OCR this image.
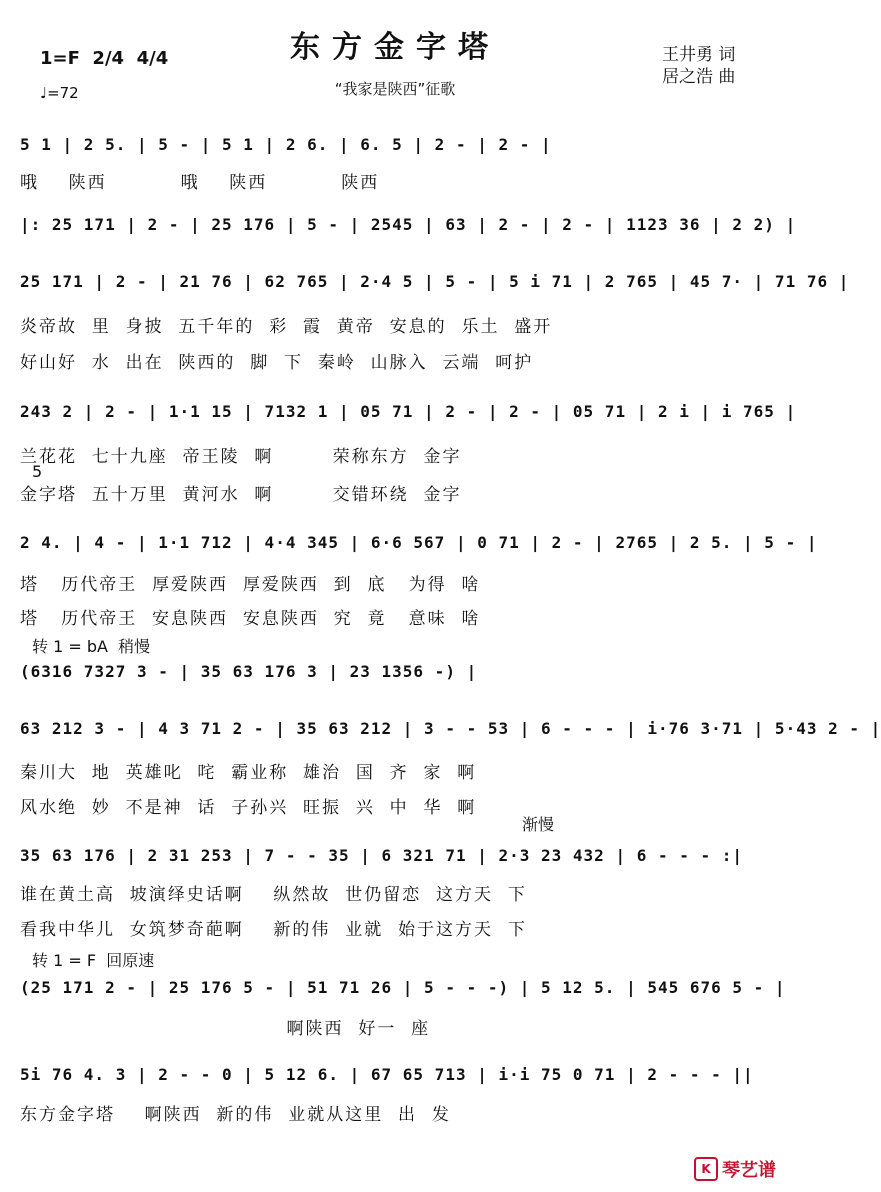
东方金字塔
“我家是陕西”征歌
1=F  2/4  4/4
♩=72
王井勇 词
居之浩 曲
5 1 | 2 5. | 5 - | 5 1 | 2 6. | 6. 5 | 2 - | 2 - |
哦    陕西          哦    陕西          陕西
|: 25 171 | 2 - | 25 176 | 5 - | 2545 | 63 | 2 - | 2 - | 1123 36 | 2 2) |
25 171 | 2 - | 21 76 | 62 765 | 2·4 5 | 5 - | 5 i 71 | 2 765 | 45 7· | 71 76 |
炎帝故  里  身披  五千年的  彩  霞  黄帝  安息的  乐土  盛开
好山好  水  出在  陕西的  脚  下  秦岭  山脉入  云端  呵护
243 2 | 2 - | 1·1 15 | 7132 1 | 05 71 | 2 - | 2 - | 05 71 | 2 i | i 765 |
兰花花  七十九座  帝王陵  啊        荣称东方  金字
5
金字塔  五十万里  黄河水  啊        交错环绕  金字
2 4. | 4 - | 1·1 712 | 4·4 345 | 6·6 567 | 0 71 | 2 - | 2765 | 2 5. | 5 - |
塔   历代帝王  厚爱陕西  厚爱陕西  到  底   为得  啥
塔   历代帝王  安息陕西  安息陕西  究  竟   意味  啥
转 1 = bA  稍慢
(6316 7327 3 - | 35 63 176 3 | 23 1356 -) |
63 212 3 - | 4 3 71 2 - | 35 63 212 | 3 - - 53 | 6 - - - | i·76 3·71 | 5·43 2 - |
秦川大  地  英雄叱  咤  霸业称  雄治  国  齐  家  啊
风水绝  妙  不是神  话  子孙兴  旺振  兴  中  华  啊
渐慢
35 63 176 | 2 31 253 | 7 - - 35 | 6 321 71 | 2·3 23 432 | 6 - - - :|
谁在黄土高  坡演绎史话啊    纵然故  世仍留恋  这方天  下
看我中华儿  女筑梦奇葩啊    新的伟  业就  始于这方天  下
转 1 = F  回原速
(25 171 2 - | 25 176 5 - | 51 71 26 | 5 - - -) | 5 12 5. | 545 676 5 - |
啊陕西  好一  座
5i 76 4. 3 | 2 - - 0 | 5 12 6. | 67 65 713 | i·i 75 0 71 | 2 - - - ||
东方金字塔    啊陕西  新的伟  业就从这里  出  发
K 琴艺谱
